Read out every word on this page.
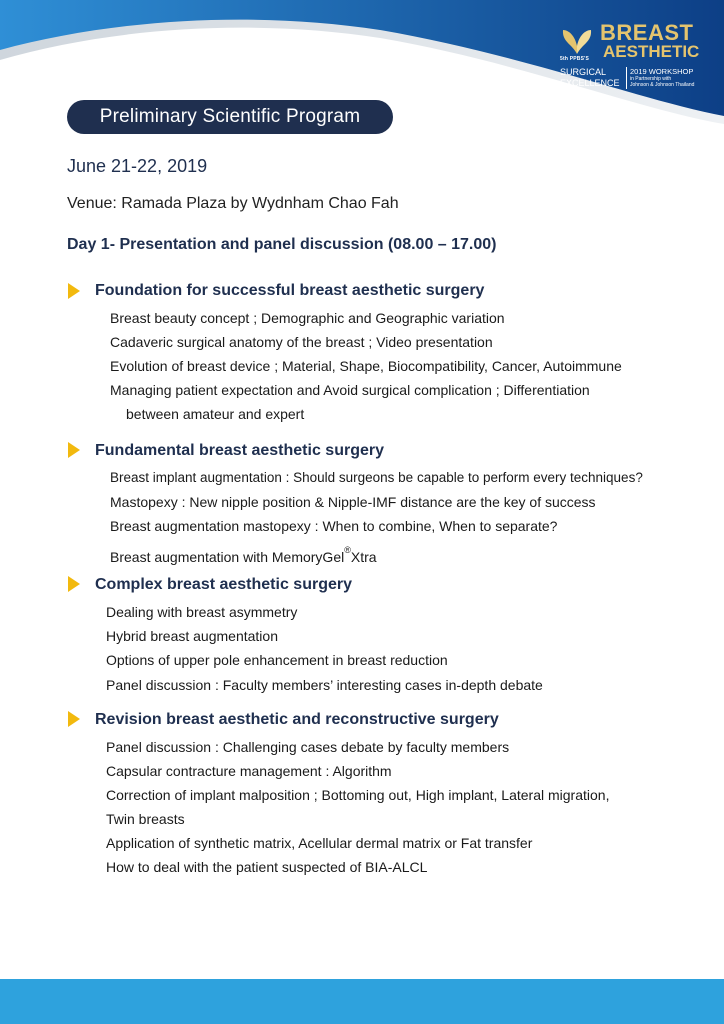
5th PPBS'S
BREAST
AESTHETIC
SURGICAL
EXCELLENCE
2019 WORKSHOP
in Partnership with
Johnson & Johnson Thailand
Preliminary Scientific Program
June 21-22, 2019
Venue: Ramada Plaza by Wydnham Chao Fah
Day 1- Presentation and panel discussion (08.00 – 17.00)
Foundation for successful breast aesthetic surgery
Breast beauty concept ; Demographic and Geographic variation
Cadaveric surgical anatomy of the breast ; Video presentation
Evolution of breast device ; Material, Shape, Biocompatibility, Cancer, Autoimmune
Managing patient expectation and Avoid surgical complication ; Differentiation
between amateur and expert
Fundamental breast aesthetic surgery
Breast implant augmentation : Should surgeons be capable to perform every techniques?
Mastopexy : New nipple position & Nipple-IMF distance are the key of success
Breast augmentation mastopexy : When to combine, When to separate?
Breast augmentation with MemoryGel®Xtra
Complex breast aesthetic surgery
Dealing with breast asymmetry
Hybrid breast augmentation
Options of upper pole enhancement in breast reduction
Panel discussion : Faculty members’ interesting cases in-depth debate
Revision breast aesthetic and reconstructive surgery
Panel discussion : Challenging cases debate by faculty members
Capsular contracture management : Algorithm
Correction of implant malposition ; Bottoming out, High implant, Lateral migration,
Twin breasts
Application of synthetic matrix, Acellular dermal matrix or Fat transfer
How to deal with the patient suspected of BIA-ALCL
